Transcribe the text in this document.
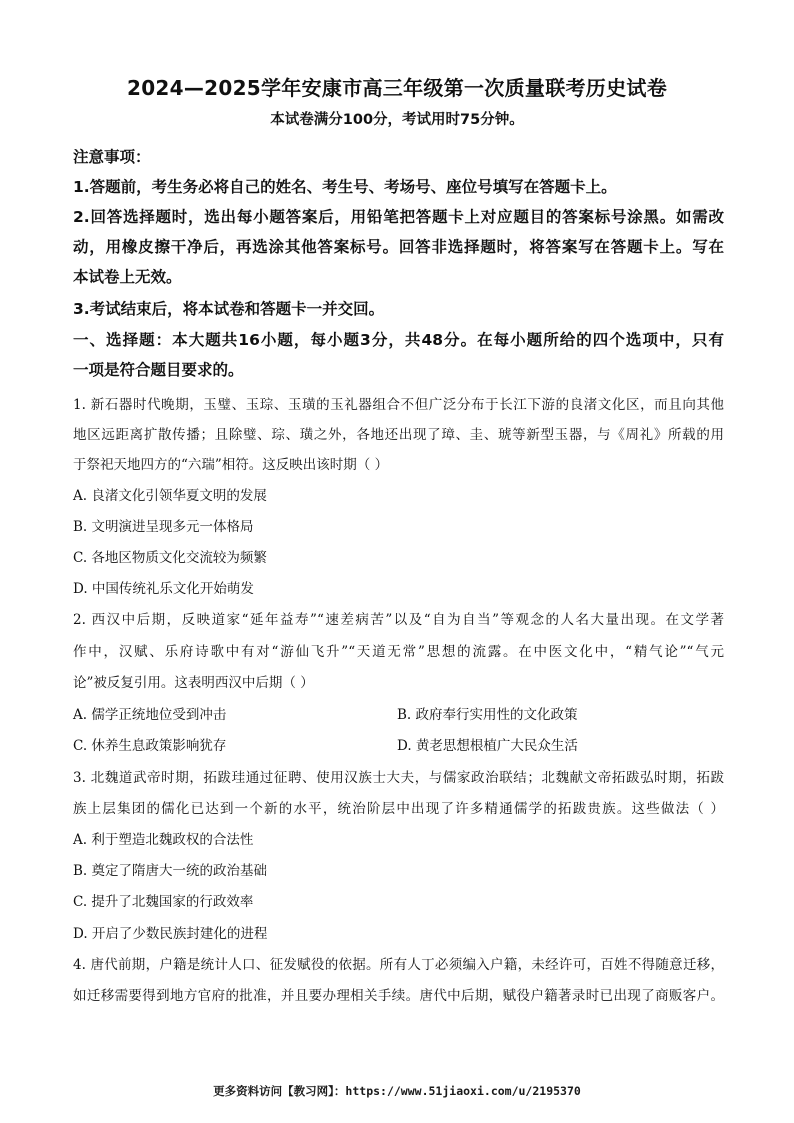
2024—2025学年安康市高三年级第一次质量联考历史试卷
本试卷满分100分，考试用时75分钟。
注意事项：
1.答题前，考生务必将自己的姓名、考生号、考场号、座位号填写在答题卡上。
2.回答选择题时，选出每小题答案后，用铅笔把答题卡上对应题目的答案标号涂黑。如需改
动，用橡皮擦干净后，再选涂其他答案标号。回答非选择题时，将答案写在答题卡上。写在
本试卷上无效。
3.考试结束后，将本试卷和答题卡一并交回。
一、选择题：本大题共16小题，每小题3分，共48分。在每小题所给的四个选项中，只有
一项是符合题目要求的。
1. 新石器时代晚期，玉璧、玉琮、玉璜的玉礼器组合不但广泛分布于长江下游的良渚文化区，而且向其他
地区远距离扩散传播；且除璧、琮、璜之外，各地还出现了璋、圭、琥等新型玉器，与《周礼》所载的用
于祭祀天地四方的“六瑞”相符。这反映出该时期（ ）
A. 良渚文化引领华夏文明的发展
B. 文明演进呈现多元一体格局
C. 各地区物质文化交流较为频繁
D. 中国传统礼乐文化开始萌发
2. 西汉中后期，反映道家“延年益寿”“速差病苦”以及“自为自当”等观念的人名大量出现。在文学著
作中，汉赋、乐府诗歌中有对“游仙飞升”“天道无常”思想的流露。在中医文化中，“精气论”“气元
论”被反复引用。这表明西汉中后期（ ）
A. 儒学正统地位受到冲击	B. 政府奉行实用性的文化政策
C. 休养生息政策影响犹存	D. 黄老思想根植广大民众生活
3. 北魏道武帝时期，拓跋珪通过征聘、使用汉族士大夫，与儒家政治联结；北魏献文帝拓跋弘时期，拓跋
族上层集团的儒化已达到一个新的水平，统治阶层中出现了许多精通儒学的拓跋贵族。这些做法（ ）
A. 利于塑造北魏政权的合法性
B. 奠定了隋唐大一统的政治基础
C. 提升了北魏国家的行政效率
D. 开启了少数民族封建化的进程
4. 唐代前期，户籍是统计人口、征发赋役的依据。所有人丁必须编入户籍，未经许可，百姓不得随意迁移，
如迁移需要得到地方官府的批准，并且要办理相关手续。唐代中后期，赋役户籍著录时已出现了商贩客户。
更多资料访问【教习网】：https://www.51jiaoxi.com/u/2195370
